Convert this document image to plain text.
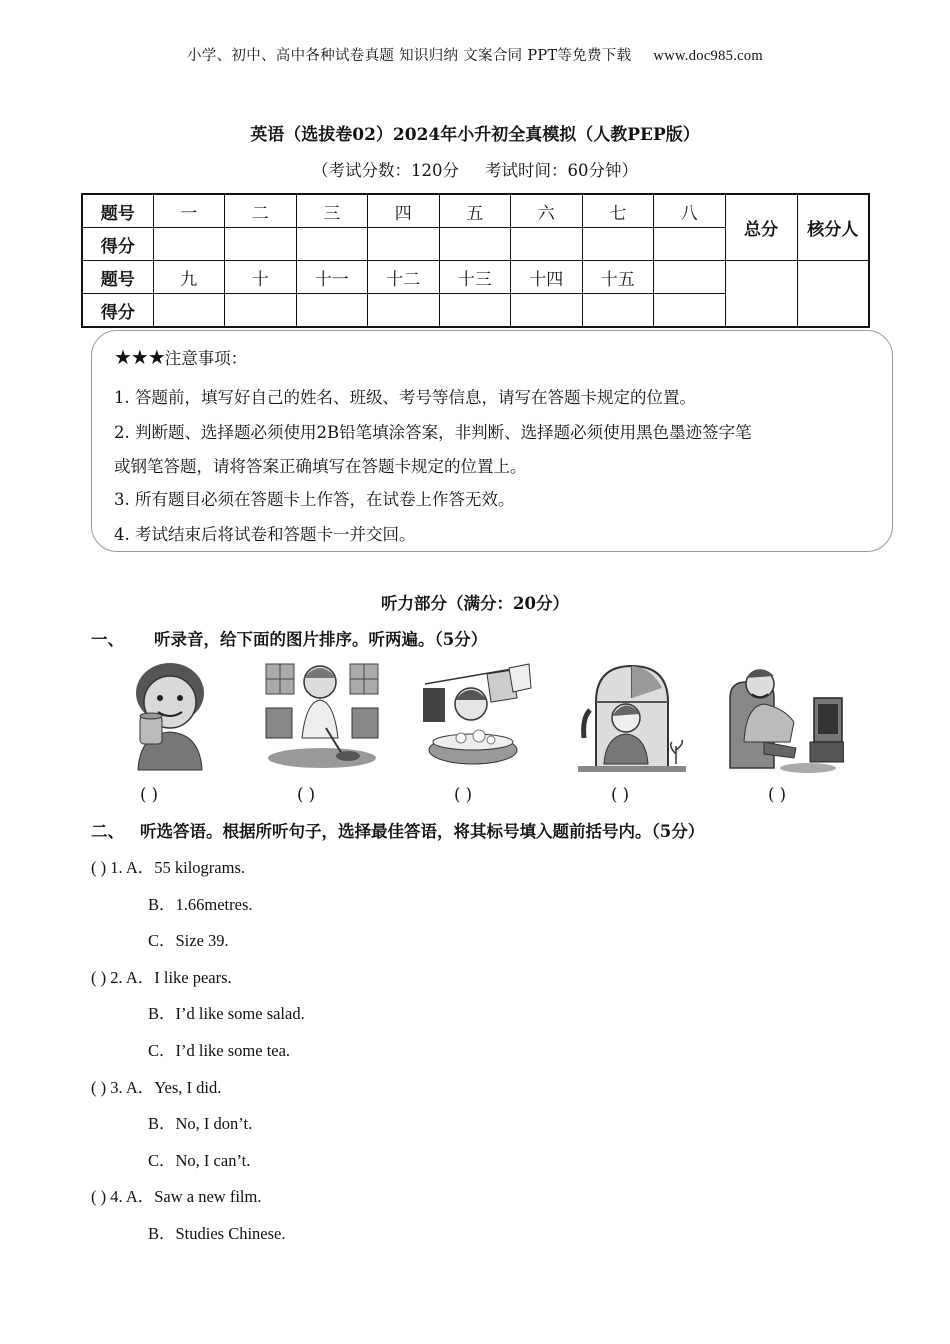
小学、初中、高中各种试卷真题 知识归纳 文案合同 PPT等免费下载 www.doc985.com
英语（选拔卷02）2024年小升初全真模拟（人教PEP版）
（考试分数：120分 考试时间：60分钟）
题号	一	二	三	四	五	六	七	八	总分	核分人
得分										
题号	九	十	十一	十二	十三	十四	十五			
得分										
★★★注意事项：
1. 答题前，填写好自己的姓名、班级、考号等信息，请写在答题卡规定的位置。
2. 判断题、选择题必须使用2B铅笔填涂答案，非判断、选择题必须使用黑色墨迹签字笔
或钢笔答题，请将答案正确填写在答题卡规定的位置上。
3. 所有题目必须在答题卡上作答，在试卷上作答无效。
4. 考试结束后将试卷和答题卡一并交回。
听力部分（满分：20分）
一、 听录音，给下面的图片排序。听两遍。（5分）
( )	( )	( )	( )	( )
二、 听选答语。根据所听句子，选择最佳答语，将其标号填入题前括号内。（5分）
( ) 1. A．55 kilograms.
B．1.66metres.
C．Size 39.
( ) 2. A．I like pears.
B．I’d like some salad.
C．I’d like some tea.
( ) 3. A．Yes, I did.
B．No, I don’t.
C．No, I can’t.
( ) 4. A．Saw a new film.
B．Studies Chinese.
